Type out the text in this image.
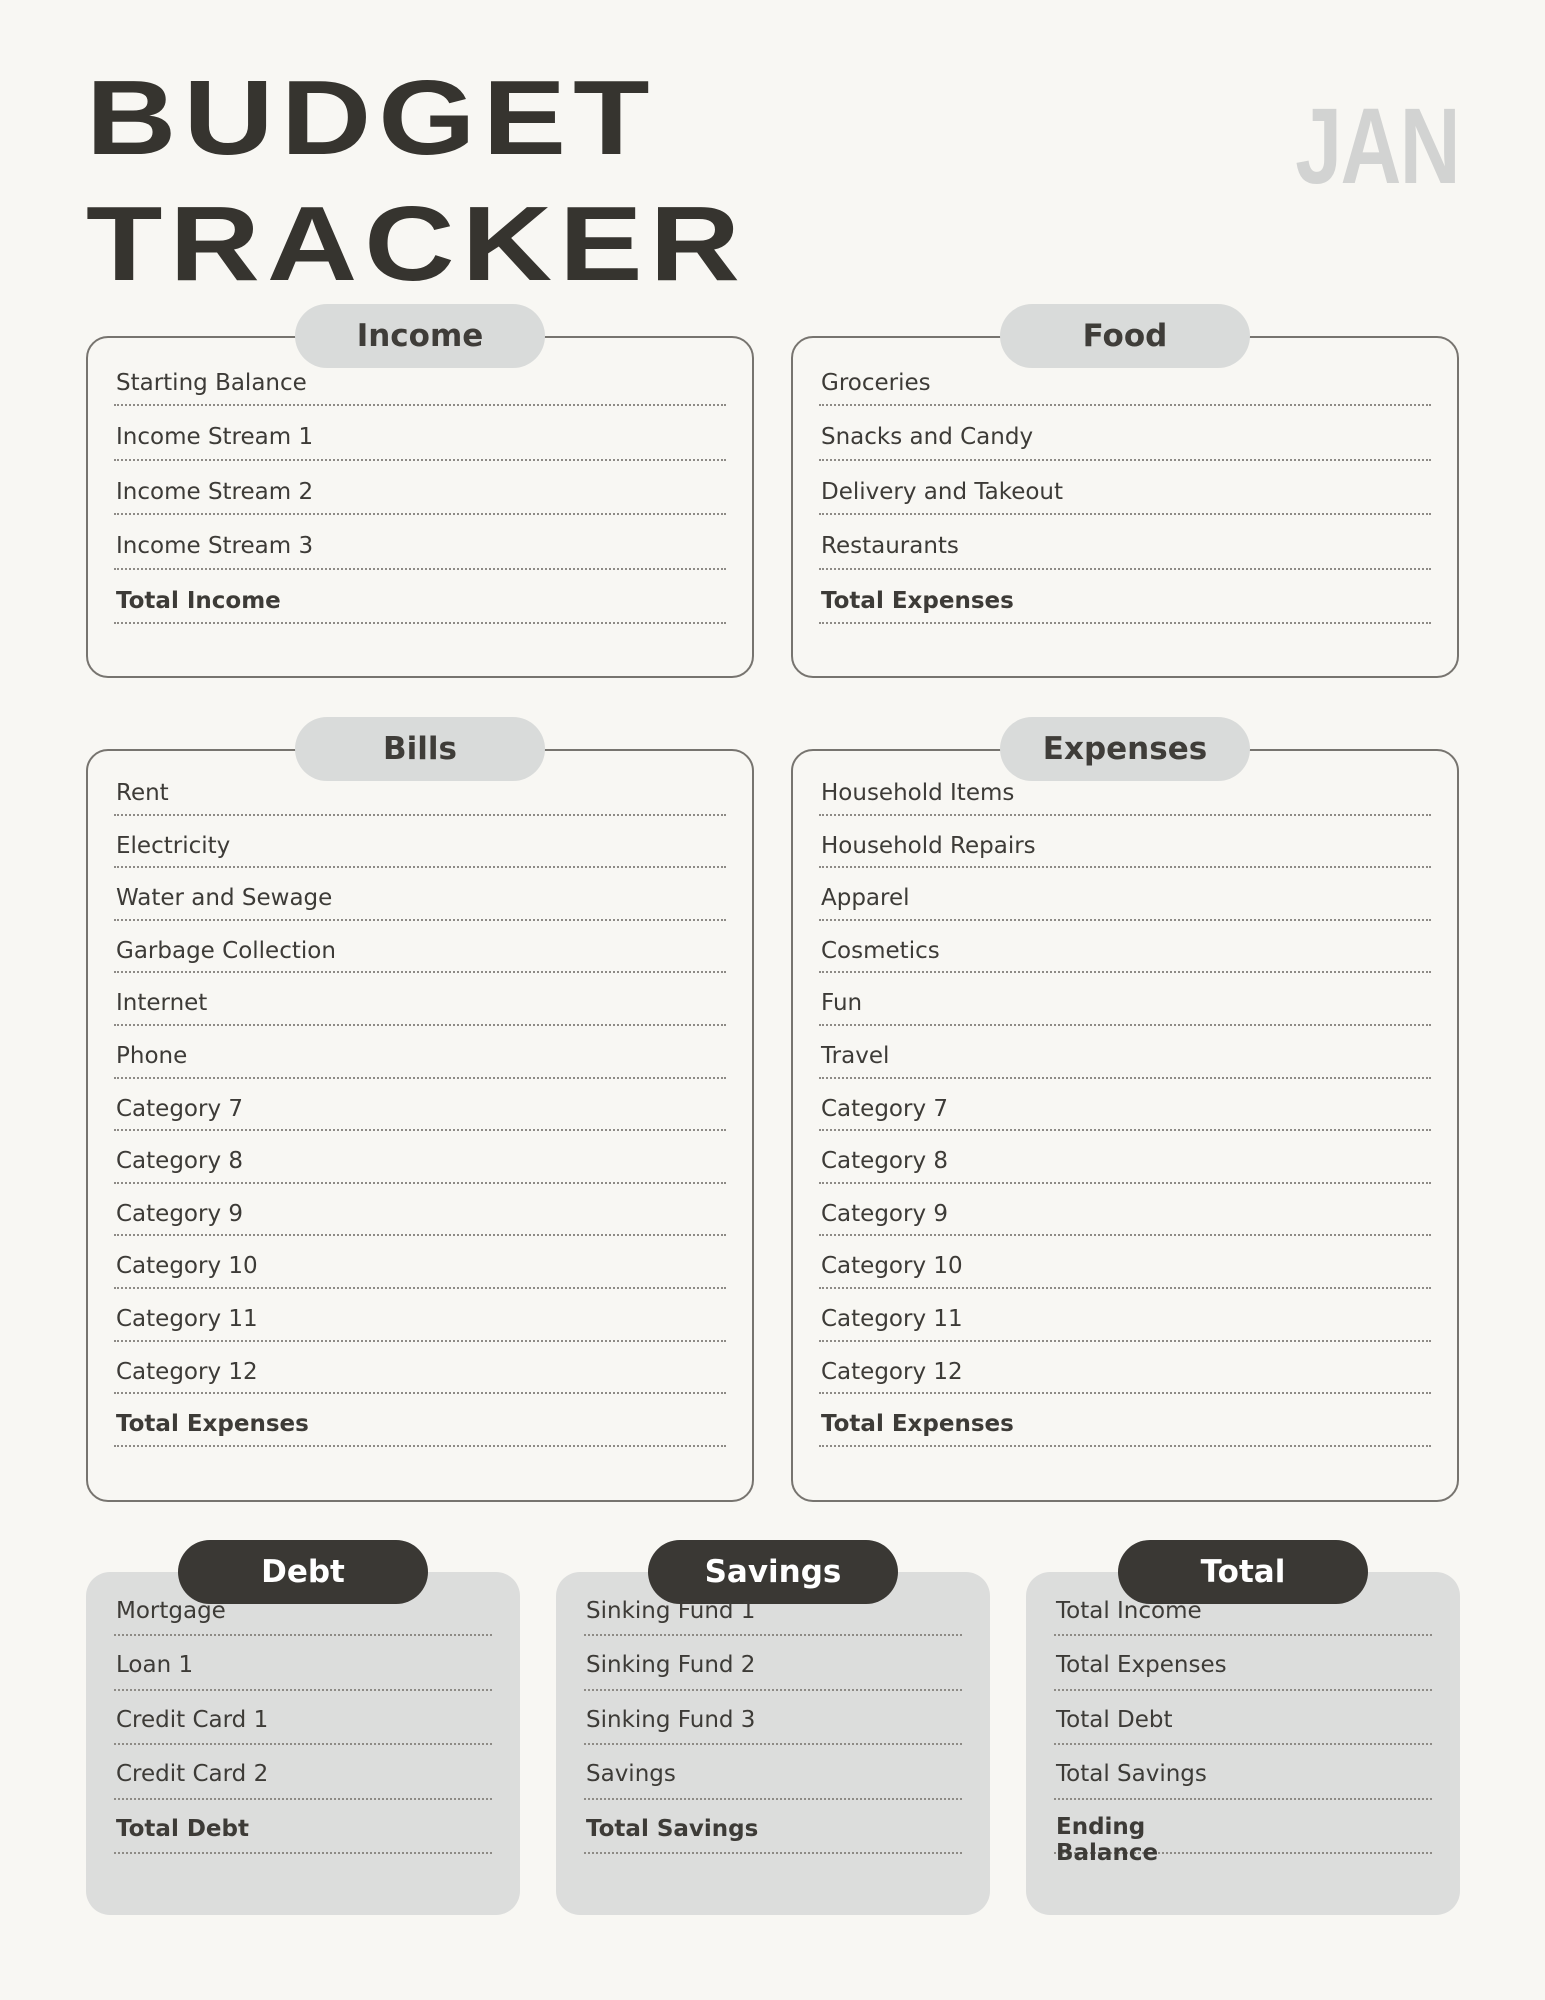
BUDGET
TRACKER
JAN
Income
Starting Balance
Income Stream 1
Income Stream 2
Income Stream 3
Total Income
Food
Groceries
Snacks and Candy
Delivery and Takeout
Restaurants
Total Expenses
Bills
Rent
Electricity
Water and Sewage
Garbage Collection
Internet
Phone
Category 7
Category 8
Category 9
Category 10
Category 11
Category 12
Total Expenses
Expenses
Household Items
Household Repairs
Apparel
Cosmetics
Fun
Travel
Category 7
Category 8
Category 9
Category 10
Category 11
Category 12
Total Expenses
Debt
Mortgage
Loan 1
Credit Card 1
Credit Card 2
Total Debt
Savings
Sinking Fund 1
Sinking Fund 2
Sinking Fund 3
Savings
Total Savings
Total
Total Income
Total Expenses
Total Debt
Total Savings
Ending Balance
